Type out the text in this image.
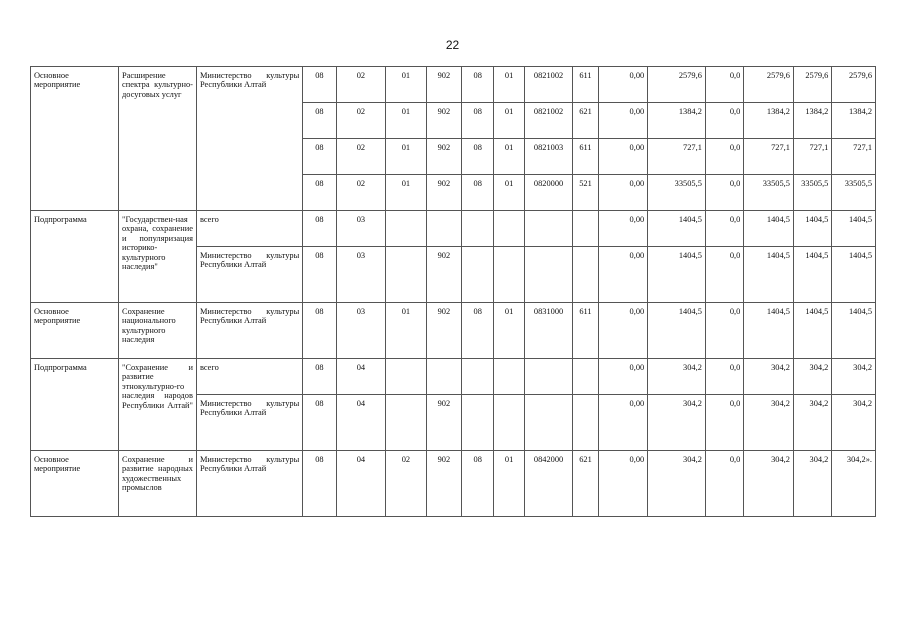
22
Основное мероприятие	Расширение спектра культурно-досуговых услуг	Министерство культуры Республики Алтай	08	02	01	902	08	01	0821002	611	0,00	2579,6	0,0	2579,6	2579,6	2579,6
			08	02	01	902	08	01	0821002	621	0,00	1384,2	0,0	1384,2	1384,2	1384,2
			08	02	01	902	08	01	0821003	611	0,00	727,1	0,0	727,1	727,1	727,1
			08	02	01	902	08	01	0820000	521	0,00	33505,5	0,0	33505,5	33505,5	33505,5
Подпрограмма	"Государствен-ная охрана, сохранение и популяризация историко-культурного наследия"	всего	08	03							0,00	1404,5	0,0	1404,5	1404,5	1404,5
		Министерство культуры Республики Алтай	08	03		902					0,00	1404,5	0,0	1404,5	1404,5	1404,5
Основное мероприятие	Сохранение национального культурного наследия	Министерство культуры Республики Алтай	08	03	01	902	08	01	0831000	611	0,00	1404,5	0,0	1404,5	1404,5	1404,5
Подпрограмма	"Сохранение и развитие этнокультурно-го наследия народов Республики Алтай"	всего	08	04							0,00	304,2	0,0	304,2	304,2	304,2
		Министерство культуры Республики Алтай	08	04		902					0,00	304,2	0,0	304,2	304,2	304,2
Основное мероприятие	Сохранение и развитие народных художественных промыслов	Министерство культуры Республики Алтай	08	04	02	902	08	01	0842000	621	0,00	304,2	0,0	304,2	304,2	304,2».
